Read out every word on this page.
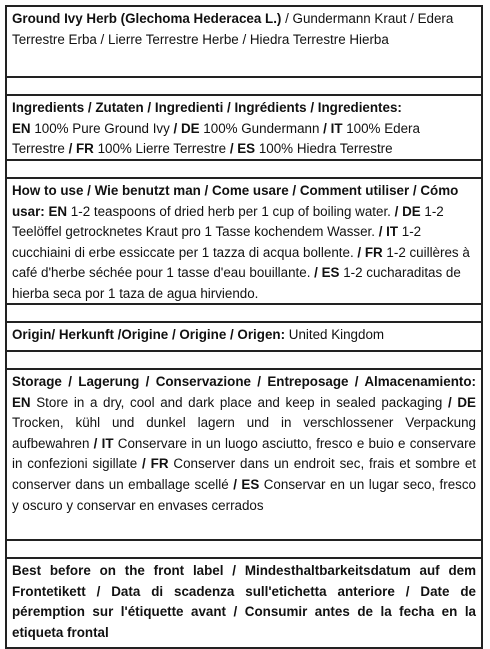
Ground Ivy Herb (Glechoma Hederacea L.) / Gundermann Kraut / Edera Terrestre Erba / Lierre Terrestre Herbe / Hiedra Terrestre Hierba
Ingredients / Zutaten / Ingredienti / Ingrédients / Ingredientes:
EN 100% Pure Ground Ivy / DE 100% Gundermann / IT 100% Edera Terrestre / FR 100% Lierre Terrestre / ES 100% Hiedra Terrestre
How to use / Wie benutzt man / Come usare / Comment utiliser / Cómo usar: EN 1-2 teaspoons of dried herb per 1 cup of boiling water. / DE 1-2 Teelöffel getrocknetes Kraut pro 1 Tasse kochendem Wasser. / IT 1-2 cucchiaini di erbe essiccate per 1 tazza di acqua bollente. / FR 1-2 cuillères à café d'herbe séchée pour 1 tasse d'eau bouillante. / ES 1-2 cucharaditas de hierba seca por 1 taza de agua hirviendo.
Origin/ Herkunft /Origine / Origine / Origen: United Kingdom
Storage / Lagerung / Conservazione / Entreposage / Almacenamiento: EN Store in a dry, cool and dark place and keep in sealed packaging / DE Trocken, kühl und dunkel lagern und in verschlossener Verpackung aufbewahren / IT Conservare in un luogo asciutto, fresco e buio e conservare in confezioni sigillate / FR Conserver dans un endroit sec, frais et sombre et conserver dans un emballage scellé / ES Conservar en un lugar seco, fresco y oscuro y conservar en envases cerrados
Best before on the front label / Mindesthaltbarkeitsdatum auf dem Frontetikett / Data di scadenza sull'etichetta anteriore / Date de péremption sur l'étiquette avant / Consumir antes de la fecha en la etiqueta frontal
